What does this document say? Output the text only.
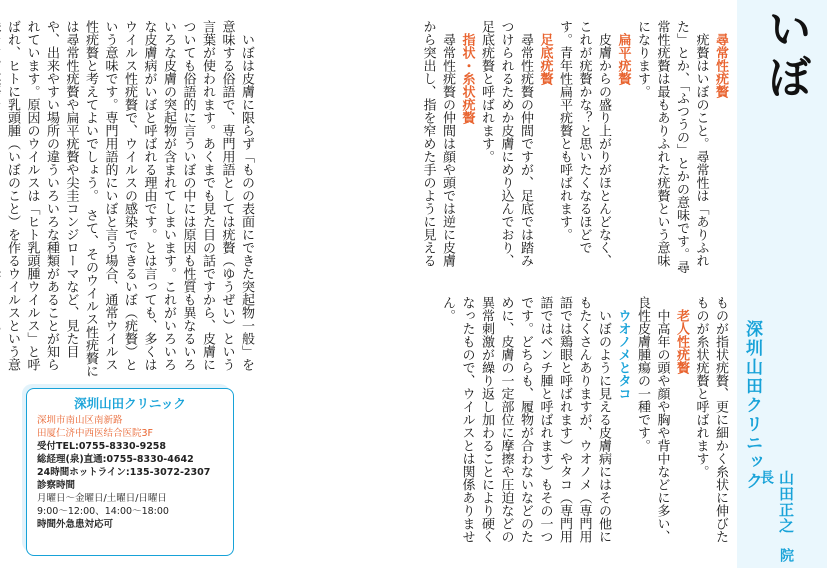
いぼ
深圳山田クリニック
山田正之 院長

いぼは皮膚に限らず「ものの表面にできた突起物一般」を意味する俗語で、専門用語としては疣贅（ゆうぜい）という言葉が使われます。あくまでも見た目の話ですから、皮膚についても俗語的に言ういぼの中には原因も性質も異なるいろいろな皮膚の突起物が含まれてしまいます。これがいろいろな皮膚病がいぼと呼ばれる理由です。とは言っても、多くはウイルス性疣贅で、ウイルスの感染でできるいぼ（疣贅）という意味です。専門用語的にいぼと言う場合、通常ウイルス性疣贅と考えてよいでしょう。　さて、そのウイルス性疣贅には尋常性疣贅や扁平疣贅や尖圭コンジローマなど、見た目や、出来やすい場所の違ういろいろな種類があることが知られています。原因のウイルスは「ヒト乳頭腫ウイルス」と呼ばれ、ヒトに乳頭腫（いぼのこと）を作るウイルスという意

尋常性疣贅

疣贅はいぼのこと。尋常性は「ありふれた」とか、「ふつうの」とかの意味です。尋常性疣贅は最もありふれた疣贅という意味になります。

扁平疣贅

皮膚からの盛り上がりがほとんどなく、これが疣贅かな？と思いたくなるほどです。青年性扁平疣贅とも呼ばれます。

足底疣贅

尋常性疣贅の仲間ですが、足底では踏みつけられるためか皮膚にめり込んでおり、足底疣贅と呼ばれます。

指状・糸状疣贅

尋常性疣贅の仲間は顔や頭では逆に皮膚から突出し、指を窄めた手のように見えるものが指状疣贅、更に細かく糸状に伸びたものが糸状疣贅と呼ばれます。

老人性疣贅

中高年の頭や顔や胸や背中などに多い、良性皮膚腫瘍の一種です。

ウオノメとタコ

いぼのように見える皮膚病にはその他にもたくさんありますが、ウオノメ（専門用語では鶏眼と呼ばれます）やタコ（専門用語ではベンチ腫と呼ばれます）もその一つです。どちらも、履物が合わないなどのために、皮膚の一定部位に摩擦や圧迫などの異常刺激が繰り返し加わることにより硬くなったもので、ウイルスとは関係ありません。

深圳山田クリニック
深圳市南山区南新路
田厦仁济中西医结合医院3F
受付TEL:0755-8330-9258
総経理(泉)直通:0755-8330-4642
24時間ホットライン:135-3072-2307
診察時間
月曜日～金曜日/土曜日/日曜日
9:00～12:00、14:00～18:00
時間外急患対応可
